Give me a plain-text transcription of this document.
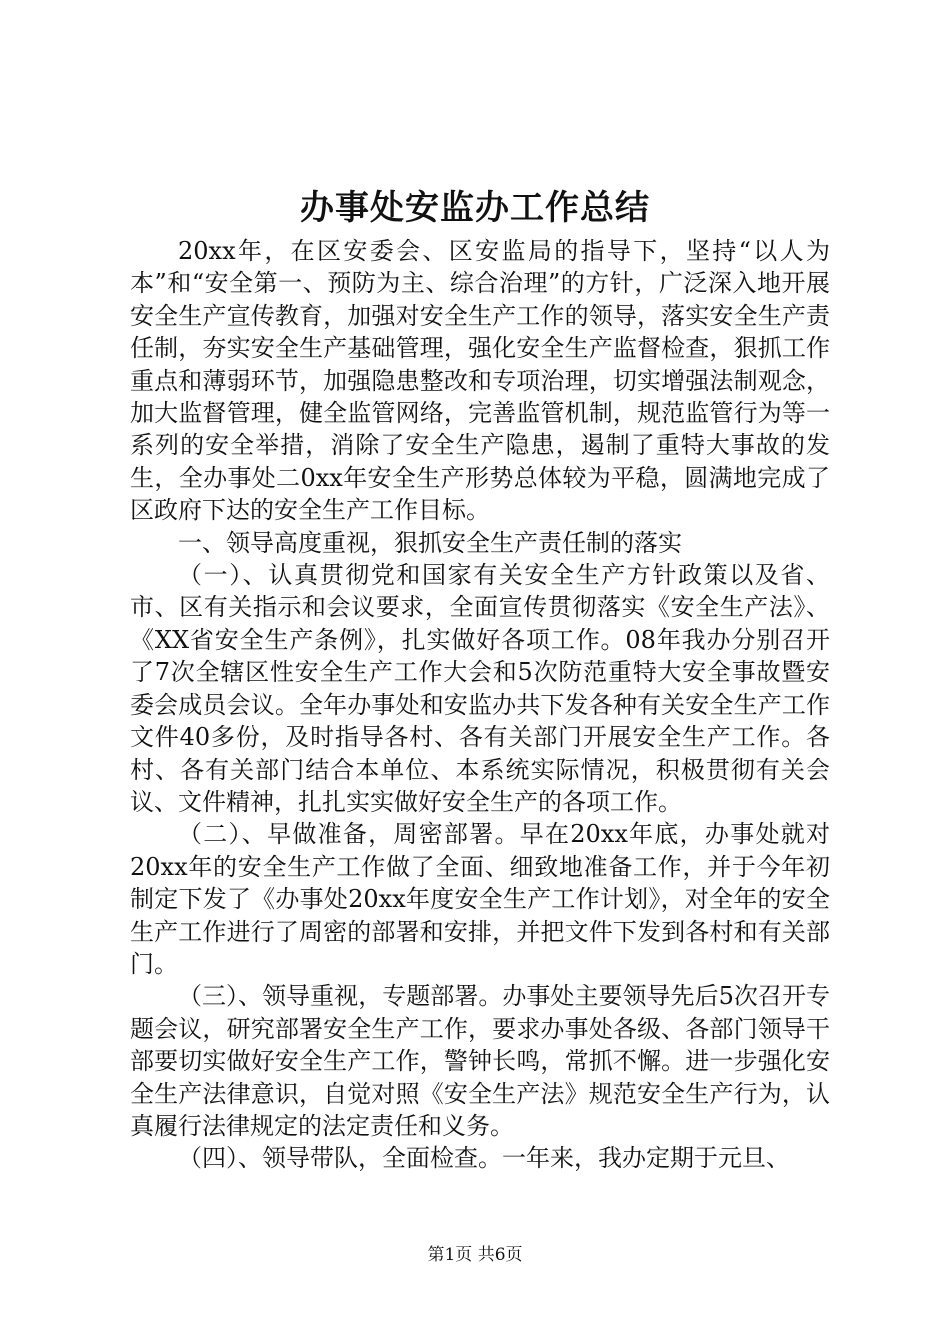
办事处安监办工作总结

20xx年，在区安委会、区安监局的指导下，坚持“以人为本”和“安全第一、预防为主、综合治理”的方针，广泛深入地开展安全生产宣传教育，加强对安全生产工作的领导，落实安全生产责任制，夯实安全生产基础管理，强化安全生产监督检查，狠抓工作重点和薄弱环节，加强隐患整改和专项治理，切实增强法制观念，加大监督管理，健全监管网络，完善监管机制，规范监管行为等一系列的安全举措，消除了安全生产隐患，遏制了重特大事故的发生，全办事处二0xx年安全生产形势总体较为平稳，圆满地完成了区政府下达的安全生产工作目标。

一、领导高度重视，狠抓安全生产责任制的落实

（一）、认真贯彻党和国家有关安全生产方针政策以及省、市、区有关指示和会议要求，全面宣传贯彻落实《安全生产法》、《XX省安全生产条例》，扎实做好各项工作。08年我办分别召开了7次全辖区性安全生产工作大会和5次防范重特大安全事故暨安委会成员会议。全年办事处和安监办共下发各种有关安全生产工作文件40多份，及时指导各村、各有关部门开展安全生产工作。各村、各有关部门结合本单位、本系统实际情况，积极贯彻有关会议、文件精神，扎扎实实做好安全生产的各项工作。

（二）、早做准备，周密部署。早在20xx年底，办事处就对20xx年的安全生产工作做了全面、细致地准备工作，并于今年初制定下发了《办事处20xx年度安全生产工作计划》，对全年的安全生产工作进行了周密的部署和安排，并把文件下发到各村和有关部门。

（三）、领导重视，专题部署。办事处主要领导先后5次召开专题会议，研究部署安全生产工作，要求办事处各级、各部门领导干部要切实做好安全生产工作，警钟长鸣，常抓不懈。进一步强化安全生产法律意识，自觉对照《安全生产法》规范安全生产行为，认真履行法律规定的法定责任和义务。

（四）、领导带队，全面检查。一年来，我办定期于元旦、

第1页 共6页
